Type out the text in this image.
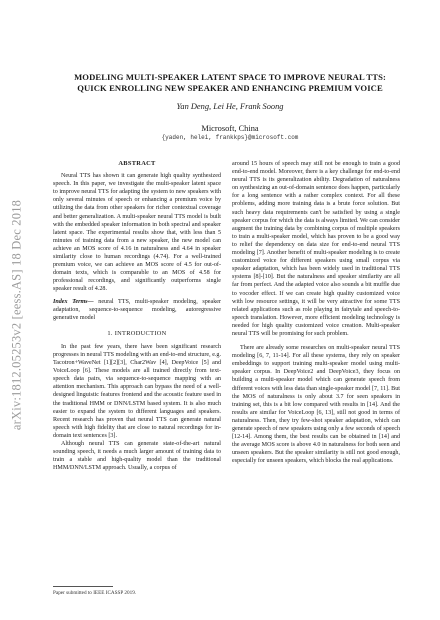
arXiv:1812.05253v2 [eess.AS] 18 Dec 2018
MODELING MULTI-SPEAKER LATENT SPACE TO IMPROVE NEURAL TTS:
QUICK ENROLLING NEW SPEAKER AND ENHANCING PREMIUM VOICE
Yan Deng, Lei He, Frank Soong
Microsoft, China
{yaden, helei, frankkps}@microsoft.com
ABSTRACT

Neural TTS has shown it can generate high quality synthesized speech. In this paper, we investigate the multi-speaker latent space to improve neural TTS for adapting the system to new speakers with only several minutes of speech or enhancing a premium voice by utilizing the data from other speakers for richer contextual coverage and better generalization. A multi-speaker neural TTS model is built with the embedded speaker information in both spectral and speaker latent space. The experimental results show that, with less than 5 minutes of training data from a new speaker, the new model can achieve an MOS score of 4.16 in naturalness and 4.64 in speaker similarity close to human recordings (4.74). For a well-trained premium voice, we can achieve an MOS score of 4.5 for out-of-domain texts, which is comparable to an MOS of 4.58 for professional recordings, and significantly outperforms single speaker result of 4.28.

Index Terms— neural TTS, multi-speaker modeling, speaker adaptation, sequence-to-sequence modeling, autoregressive generative model
1. INTRODUCTION

In the past few years, there have been significant research progresses in neural TTS modeling with an end-to-end structure, e.g. Tacotron+WaveNet [1][2][3], Char2Wav [4], DeepVoice [5] and VoiceLoop [6]. These models are all trained directly from text-speech data pairs, via sequence-to-sequence mapping with an attention mechanism. This approach can bypass the need of a well-designed linguistic features frontend and the acoustic feature used in the traditional HMM or DNN/LSTM based system. It is also much easier to expand the system to different languages and speakers. Recent research has proven that neural TTS can generate natural speech with high fidelity that are close to natural recordings for in-domain text sentences [3].

Although neural TTS can generate state-of-the-art natural sounding speech, it needs a much larger amount of training data to train a stable and high-quality model than the traditional HMM/DNN/LSTM approach. Usually, a corpus of

around 15 hours of speech may still not be enough to train a good end-to-end model. Moreover, there is a key challenge for end-to-end neural TTS is its generalization ability. Degradation of naturalness on synthesizing an out-of-domain sentence does happen, particularly for a long sentence with a rather complex context. For all these problems, adding more training data is a brute force solution. But such heavy data requirements can't be satisfied by using a single speaker corpus for which the data is always limited. We can consider augment the training data by combining corpus of multiple speakers to train a multi-speaker model, which has proven to be a good way to relief the dependency on data size for end-to-end neural TTS modeling [7]. Another benefit of multi-speaker modeling is to create customized voice for different speakers using small corpus via speaker adaptation, which has been widely used in traditional TTS systems [8]-[10]. But the naturalness and speaker similarity are all far from perfect. And the adapted voice also sounds a bit muffle due to vocoder effect. If we can create high quality customized voice with low resource settings, it will be very attractive for some TTS related applications such as role playing in fairytale and speech-to-speech translation. However, more efficient modeling technology is needed for high quality customized voice creation. Multi-speaker neural TTS will be promising for such problem.

There are already some researches on multi-speaker neural TTS modeling [6, 7, 11-14]. For all these systems, they rely on speaker embeddings to support training multi-speaker model using multi-speaker corpus. In DeepVoice2 and DeepVoice3, they focus on building a multi-speaker model which can generate speech from different voices with less data than single-speaker model [7, 11]. But the MOS of naturalness is only about 3.7 for seen speakers in training set, this is a bit low compared with results in [14]. And the results are similar for VoiceLoop [6, 13], still not good in terms of naturalness. Then, they try few-shot speaker adaptation, which can generate speech of new speakers using only a few seconds of speech [12-14]. Among them, the best results can be obtained in [14] and the average MOS score is above 4.0 in naturalness for both seen and unseen speakers. But the speaker similarity is still not good enough, especially for unseen speakers, which blocks the real applications.

Paper submitted to IEEE ICASSP 2019.
